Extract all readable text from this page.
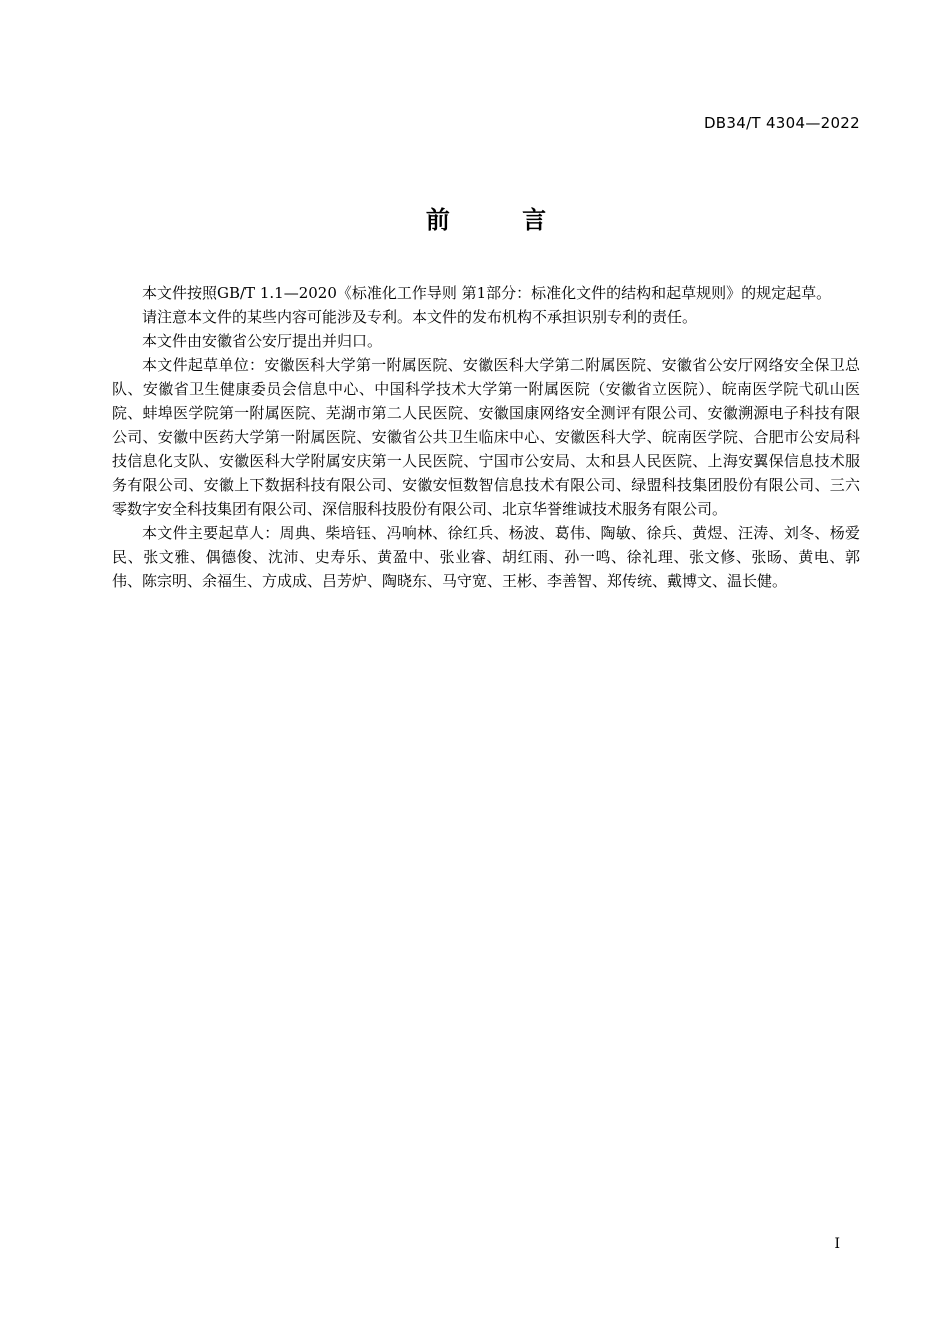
DB34/T 4304—2022
前 言

本文件按照GB/T 1.1—2020《标准化工作导则 第1部分：标准化文件的结构和起草规则》的规定起草。

请注意本文件的某些内容可能涉及专利。本文件的发布机构不承担识别专利的责任。

本文件由安徽省公安厅提出并归口。

本文件起草单位：安徽医科大学第一附属医院、安徽医科大学第二附属医院、安徽省公安厅网络安全保卫总队、安徽省卫生健康委员会信息中心、中国科学技术大学第一附属医院（安徽省立医院）、皖南医学院弋矶山医院、蚌埠医学院第一附属医院、芜湖市第二人民医院、安徽国康网络安全测评有限公司、安徽溯源电子科技有限公司、安徽中医药大学第一附属医院、安徽省公共卫生临床中心、安徽医科大学、皖南医学院、合肥市公安局科技信息化支队、安徽医科大学附属安庆第一人民医院、宁国市公安局、太和县人民医院、上海安翼保信息技术服务有限公司、安徽上下数据科技有限公司、安徽安恒数智信息技术有限公司、绿盟科技集团股份有限公司、三六零数字安全科技集团有限公司、深信服科技股份有限公司、北京华誉维诚技术服务有限公司。

本文件主要起草人：周典、柴培钰、冯响林、徐红兵、杨波、葛伟、陶敏、徐兵、黄煜、汪涛、刘冬、杨爱民、张文雅、偶德俊、沈沛、史寿乐、黄盈中、张业睿、胡红雨、孙一鸣、徐礼理、张文修、张旸、黄电、郭伟、陈宗明、余福生、方成成、吕芳炉、陶晓东、马守宽、王彬、李善智、郑传统、戴博文、温长健。

I
